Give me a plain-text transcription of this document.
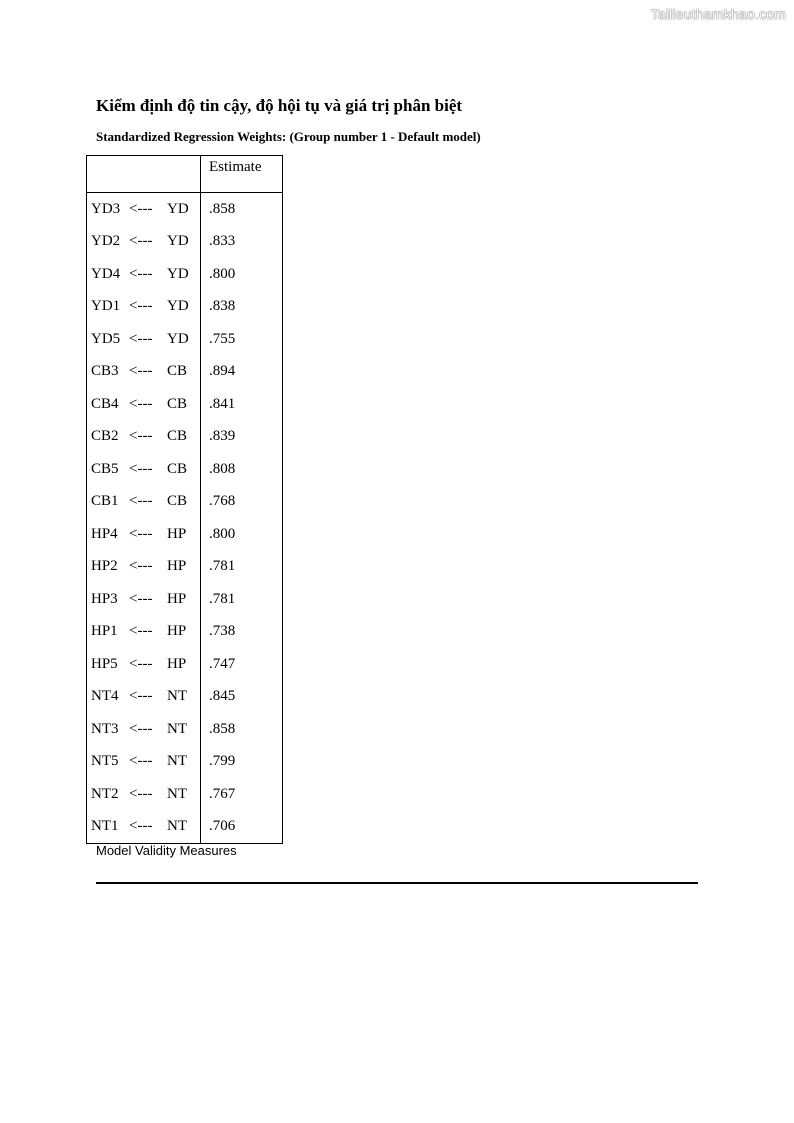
Tailieuthamkhao.com
Kiểm định độ tin cậy, độ hội tụ và giá trị phân biệt
Standardized Regression Weights: (Group number 1 - Default model)
			Estimate
YD3	<---	YD	.858
YD2	<---	YD	.833
YD4	<---	YD	.800
YD1	<---	YD	.838
YD5	<---	YD	.755
CB3	<---	CB	.894
CB4	<---	CB	.841
CB2	<---	CB	.839
CB5	<---	CB	.808
CB1	<---	CB	.768
HP4	<---	HP	.800
HP2	<---	HP	.781
HP3	<---	HP	.781
HP1	<---	HP	.738
HP5	<---	HP	.747
NT4	<---	NT	.845
NT3	<---	NT	.858
NT5	<---	NT	.799
NT2	<---	NT	.767
NT1	<---	NT	.706
Model Validity Measures
